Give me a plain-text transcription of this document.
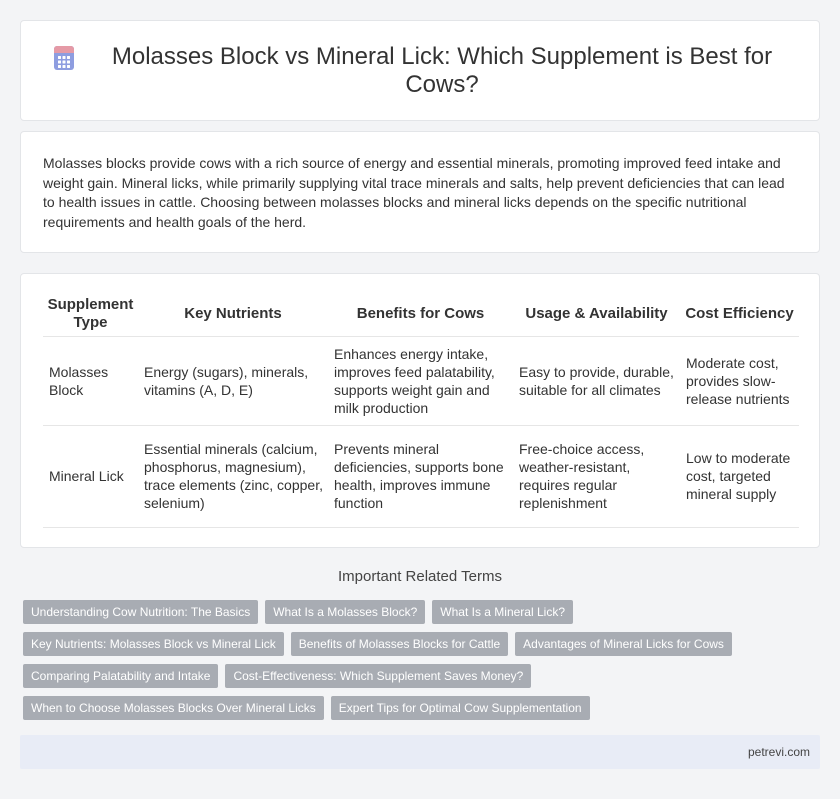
Molasses Block vs Mineral Lick: Which Supplement is Best for Cows?

Molasses blocks provide cows with a rich source of energy and essential minerals, promoting improved feed intake and weight gain. Mineral licks, while primarily supplying vital trace minerals and salts, help prevent deficiencies that can lead to health issues in cattle. Choosing between molasses blocks and mineral licks depends on the specific nutritional requirements and health goals of the herd.

Supplement Type	Key Nutrients	Benefits for Cows	Usage & Availability	Cost Efficiency
Molasses Block	Energy (sugars), minerals, vitamins (A, D, E)	Enhances energy intake, improves feed palatability, supports weight gain and milk production	Easy to provide, durable, suitable for all climates	Moderate cost, provides slow-release nutrients
Mineral Lick	Essential minerals (calcium, phosphorus, magnesium), trace elements (zinc, copper, selenium)	Prevents mineral deficiencies, supports bone health, improves immune function	Free-choice access, weather-resistant, requires regular replenishment	Low to moderate cost, targeted mineral supply
Important Related Terms
Understanding Cow Nutrition: The Basics	What Is a Molasses Block?	What Is a Mineral Lick?
Key Nutrients: Molasses Block vs Mineral Lick	Benefits of Molasses Blocks for Cattle	Advantages of Mineral Licks for Cows
Comparing Palatability and Intake	Cost-Effectiveness: Which Supplement Saves Money?
When to Choose Molasses Blocks Over Mineral Licks	Expert Tips for Optimal Cow Supplementation
petrevi.com
